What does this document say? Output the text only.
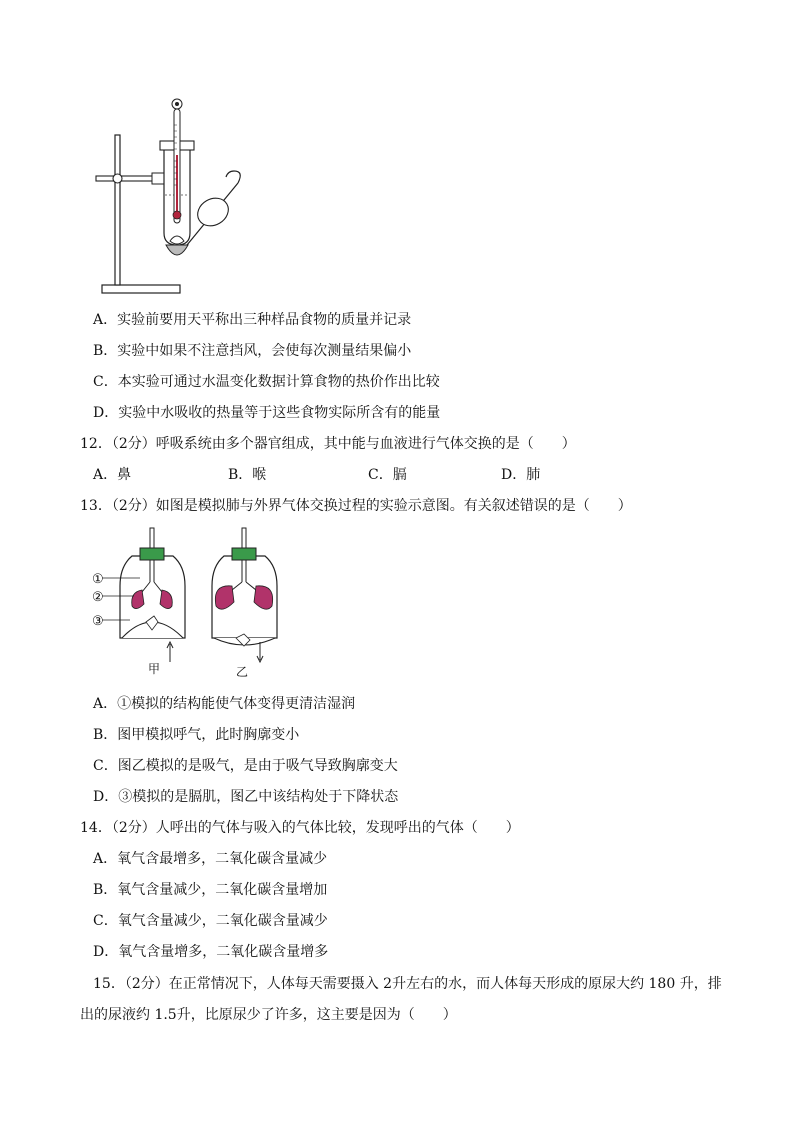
A．实验前要用天平称出三种样品食物的质量并记录
B．实验中如果不注意挡风，会使每次测量结果偏小
C．本实验可通过水温变化数据计算食物的热价作出比较
D．实验中水吸收的热量等于这些食物实际所含有的能量
12．（2分）呼吸系统由多个器官组成，其中能与血液进行气体交换的是（　　）
A．鼻	B．喉	C．膈	D．肺
13．（2分）如图是模拟肺与外界气体交换过程的实验示意图。有关叙述错误的是（　　）
①
②
③
甲	乙
A．①模拟的结构能使气体变得更清洁湿润
B．图甲模拟呼气，此时胸廓变小
C．图乙模拟的是吸气，是由于吸气导致胸廓变大
D．③模拟的是膈肌，图乙中该结构处于下降状态
14．（2分）人呼出的气体与吸入的气体比较，发现呼出的气体（　　）
A．氧气含最增多，二氧化碳含量减少
B．氧气含量减少，二氧化碳含量增加
C．氧气含量减少，二氧化碳含量减少
D．氧气含量增多，二氧化碳含量增多
15．（2分）在正常情况下，人体每天需要摄入 2升左右的水，而人体每天形成的原尿大约 180 升，排
出的尿液约 1.5升，比原尿少了许多，这主要是因为（　　）
